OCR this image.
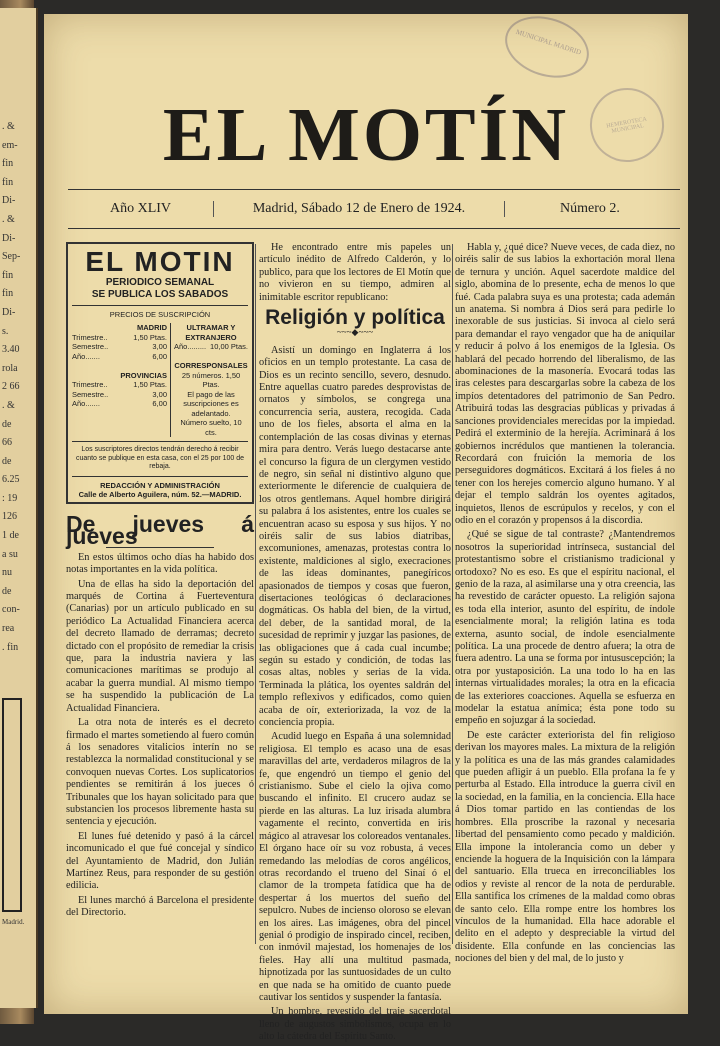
. &
em-
fin
fin
Di-
. &
Di-
Sep-
fin
fin
Di-
s.
3.40
rola
2 66
. &
de
66
de
6.25
: 19
126
1 de
a su
nu
de
con-
rea
. fin
Madrid.
MUNICIPAL MADRID
HEMEROTECA MUNICIPAL
EL MOTÍN
Año XLIV	Madrid, Sábado 12 de Enero de 1924.	Número 2.
EL MOTIN
PERIODICO SEMANAL
SE PUBLICA LOS SABADOS
PRECIOS DE SUSCRIPCIÓN
MADRID
Trimestre..	1,50 Ptas.
Semestre..	3,00
Año.......	6,00

PROVINCIAS
Trimestre..	1,50 Ptas.
Semestre..	3,00
Año.......	6,00
ULTRAMAR Y EXTRANJERO
Año......... 10,00 Ptas.

CORRESPONSALES
25 números. 1,50 Ptas.
El pago de las suscripciones es adelantado.
Número suelto, 10 cts.
Los suscriptores directos tendrán derecho á recibir cuanto se publique en esta casa, con el 25 por 100 de rebaja.
REDACCIÓN Y ADMINISTRACIÓN
Calle de Alberto Aguilera, núm. 52.—MADRID.
De jueves á jueves

En estos últimos ocho días ha habido dos notas importantes en la vida política.

Una de ellas ha sido la deportación del marqués de Cortina á Fuerteventura (Canarias) por un artículo publicado en su periódico La Actualidad Financiera acerca del decreto llamado de derramas; decreto dictado con el propósito de remediar la crisis que, para la industria naviera y las comunicaciones marítimas se produjo al acabar la guerra mundial. Al mismo tiempo se ha suspendido la publicación de La Actualidad Financiera.

La otra nota de interés es el decreto firmado el martes sometiendo al fuero común á los senadores vitalicios interín no se restablezca la normalidad constitucional y se convoquen nuevas Cortes. Los suplicatorios pendientes se remitirán á los jueces ó Tribunales que los hayan solicitado para que substancien los procesos libremente hasta su sentencia y ejecución.

El lunes fué detenido y pasó á la cárcel incomunicado el que fué concejal y síndico del Ayuntamiento de Madrid, don Julián Martínez Reus, para responder de su gestión edilicia.

El lunes marchó á Barcelona el presidente del Directorio.

He encontrado entre mis papeles un artículo inédito de Alfredo Calderón, y lo publico, para que los lectores de El Motín que no vivieron en su tiempo, admiren al inimitable escritor republicano:

Religión y política
~~~◆~~~

Asistí un domingo en Inglaterra á los oficios en un templo protestante. La casa de Dios es un recinto sencillo, severo, desnudo. Entre aquellas cuatro paredes desprovistas de ornatos y símbolos, se congrega una concurrencia seria, austera, recogida. Cada uno de los fieles, absorta el alma en la contemplación de las cosas divinas y eternas mira para dentro. Verás luego destacarse ante el concurso la figura de un clergymen vestido de negro, sin señal ni distintivo alguno que exteriormente le diferencie de cualquiera de los otros gentlemans. Aquel hombre dirigirá su palabra á los asistentes, entre los cuales se encuentran acaso su esposa y sus hijos. Y no oiréis salir de sus labios diatribas, excomuniones, amenazas, protestas contra lo existente, maldiciones al siglo, execraciones de las ideas dominantes, panegíricos apasionados de tiempos y cosas que fueron, disertaciones teológicas ó declaraciones dogmáticas. Os habla del bien, de la virtud, del deber, de la santidad moral, de la sucesidad de reprimir y juzgar las pasiones, de las obligaciones que á cada cual incumbe; según su estado y condición, de todas las cosas altas, nobles y serias de la vida. Terminada la plática, los oyentes saldrán del templo reflexivos y edificados, como quien acaba de oír, exteriorizada, la voz de la conciencia propia.

Acudid luego en España á una solemnidad religiosa. El templo es acaso una de esas maravillas del arte, verdaderos milagros de la fe, que engendró un tiempo el genio del cristianismo. Sube el cielo la ojiva como buscando el infinito. El crucero audaz se pierde en las alturas. La luz irisada alumbra vagamente el recinto, convertida en iris mágico al atravesar los coloreados ventanales. El órgano hace oír su voz robusta, á veces remedando las melodías de coros angélicos, otras recordando el trueno del Sinaí ó el clamor de la trompeta fatídica que ha de despertar á los muertos del sueño del sepulcro. Nubes de incienso oloroso se elevan en los aires. Las imágenes, obra del pincel genial ó prodigio de inspirado cincel, reciben, con inmóvil majestad, los homenajes de los fieles. Hay allí una multitud pasmada, hipnotizada por las suntuosidades de un culto en que nada se ha omitido de cuanto puede cautivar los sentidos y suspender la fantasía.

Un hombre, revestido del traje sacerdotal lleno de augustos simbolismos, ocupa en lo alto la cátedra del Espíritu Santo.

Habla y, ¿qué dice? Nueve veces, de cada diez, no oiréis salir de sus labios la exhortación moral llena de ternura y unción. Aquel sacerdote maldice del siglo, abomina de lo presente, echa de menos lo que fué. Cada palabra suya es una protesta; cada ademán un anatema. Si nombra á Dios será para pedirle lo inexorable de sus justicias. Si invoca al cielo será para demandar el rayo vengador que ha de aniquilar y reducir á polvo á los enemigos de la Iglesia. Os hablará del pecado horrendo del liberalismo, de las abominaciones de la masonería. Evocará todas las iras celestes para descargarlas sobre la cabeza de los impíos detentadores del patrimonio de San Pedro. Atribuirá todas las desgracias públicas y privadas á sanciones providenciales merecidas por la impiedad. Pedirá el exterminio de la herejía. Acriminará á los gobiernos incrédulos que mantienen la tolerancia. Recordará con fruición la memoria de los perseguidores dogmáticos. Excitará á los fieles á no tener con los herejes comercio alguno humano. Y al dejar el templo saldrán los oyentes agitados, inquietos, llenos de escrúpulos y recelos, y con el odio en el corazón y propensos á la discordia.

¿Qué se sigue de tal contraste? ¿Mantendremos nosotros la superioridad intrínseca, sustancial del protestantismo sobre el cristianismo tradicional y ortodoxo? No es eso. Es que el espíritu nacional, el genio de la raza, al asimilarse una y otra creencia, las ha revestido de carácter opuesto. La religión sajona es toda ella interior, asunto del espíritu, de índole esencialmente moral; la religión latina es toda externa, asunto social, de índole esencialmente política. La una procede de dentro afuera; la otra de fuera adentro. La una se forma por intususcepción; la otra por yustaposición. La una todo lo ha en las internas virtualidades morales; la otra en la eficacia de las exteriores coacciones. Aquella se esfuerza en modelar la estatua anímica; ésta pone todo su empeño en sojuzgar á la sociedad.

De este carácter exteriorista del fin religioso derivan los mayores males. La mixtura de la religión y la política es una de las más grandes calamidades que pueden afligir á un pueblo. Ella profana la fe y perturba al Estado. Ella introduce la guerra civil en la sociedad, en la familia, en la conciencia. Ella hace á Dios tomar partido en las contiendas de los hombres. Ella proscribe la razonal y necesaria libertad del pensamiento como pecado y maldición. Ella impone la intolerancia como un deber y enciende la hoguera de la Inquisición con la lámpara del santuario. Ella trueca en irreconciliables los odios y reviste al rencor de la nota de perdurable. Ella santifica los crímenes de la maldad como obras de santo celo. Ella rompe entre los hombres los vínculos de la humanidad. Ella hace adorable el delito en el adepto y despreciable la virtud del disidente. Ella confunde en las conciencias las nociones del bien y del mal, de lo justo y
